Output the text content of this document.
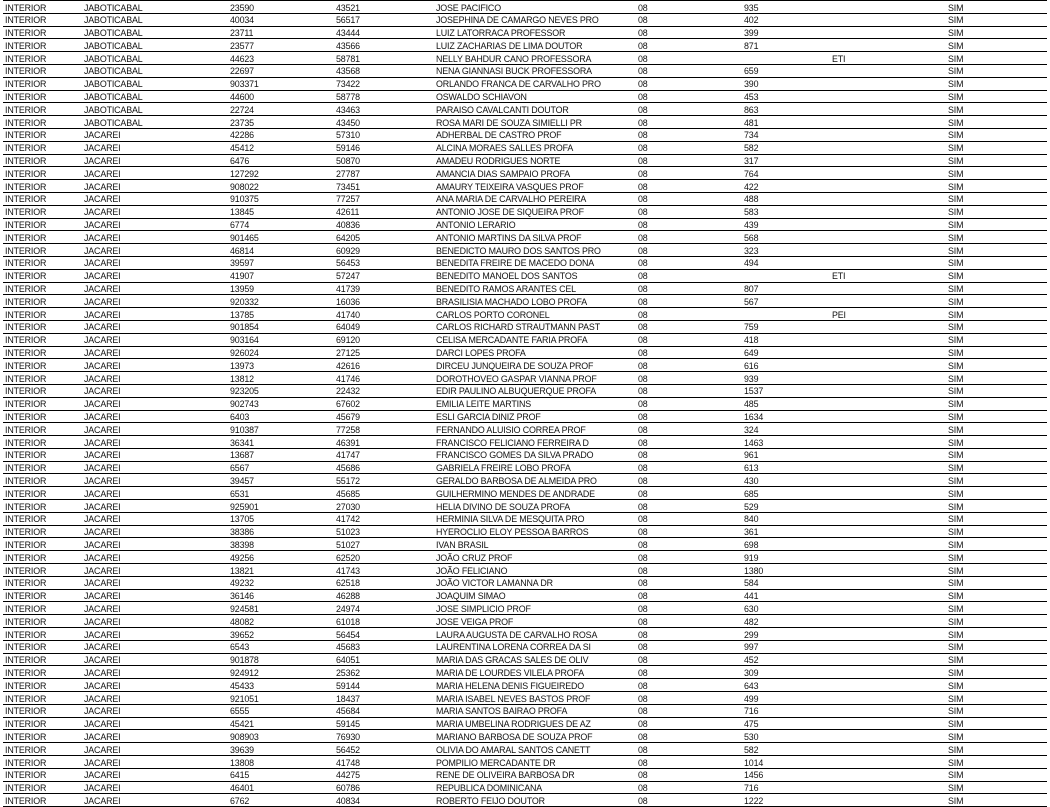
INTERIOR	JABOTICABAL	23590	43521	JOSE PACIFICO	08	935		SIM
INTERIOR	JABOTICABAL	40034	56517	JOSEPHINA DE CAMARGO NEVES PRO	08	402		SIM
INTERIOR	JABOTICABAL	23711	43444	LUIZ LATORRACA PROFESSOR	08	399		SIM
INTERIOR	JABOTICABAL	23577	43566	LUIZ ZACHARIAS DE LIMA DOUTOR	08	871		SIM
INTERIOR	JABOTICABAL	44623	58781	NELLY BAHDUR CANO PROFESSORA	08		ETI	SIM
INTERIOR	JABOTICABAL	22697	43568	NENA GIANNASI BUCK PROFESSORA	08	659		SIM
INTERIOR	JABOTICABAL	903371	73422	ORLANDO FRANCA DE CARVALHO PRO	08	390		SIM
INTERIOR	JABOTICABAL	44600	58778	OSWALDO SCHIAVON	08	453		SIM
INTERIOR	JABOTICABAL	22724	43463	PARAISO CAVALCANTI DOUTOR	08	863		SIM
INTERIOR	JABOTICABAL	23735	43450	ROSA MARI DE SOUZA SIMIELLI PR	08	481		SIM
INTERIOR	JACAREI	42286	57310	ADHERBAL DE CASTRO PROF	08	734		SIM
INTERIOR	JACAREI	45412	59146	ALCINA MORAES SALLES PROFA	08	582		SIM
INTERIOR	JACAREI	6476	50870	AMADEU RODRIGUES NORTE	08	317		SIM
INTERIOR	JACAREI	127292	27787	AMANCIA DIAS SAMPAIO PROFA	08	764		SIM
INTERIOR	JACAREI	908022	73451	AMAURY TEIXEIRA VASQUES PROF	08	422		SIM
INTERIOR	JACAREI	910375	77257	ANA MARIA DE CARVALHO PEREIRA	08	488		SIM
INTERIOR	JACAREI	13845	42611	ANTONIO JOSE DE SIQUEIRA PROF	08	583		SIM
INTERIOR	JACAREI	6774	40836	ANTONIO LERARIO	08	439		SIM
INTERIOR	JACAREI	901465	64205	ANTONIO MARTINS DA SILVA PROF	08	568		SIM
INTERIOR	JACAREI	46814	60929	BENEDICTO MAURO DOS SANTOS PRO	08	323		SIM
INTERIOR	JACAREI	39597	56453	BENEDITA FREIRE DE MACEDO DONA	08	494		SIM
INTERIOR	JACAREI	41907	57247	BENEDITO MANOEL DOS SANTOS	08		ETI	SIM
INTERIOR	JACAREI	13959	41739	BENEDITO RAMOS ARANTES CEL	08	807		SIM
INTERIOR	JACAREI	920332	16036	BRASILISIA MACHADO LOBO PROFA	08	567		SIM
INTERIOR	JACAREI	13785	41740	CARLOS PORTO CORONEL	08		PEI	SIM
INTERIOR	JACAREI	901854	64049	CARLOS RICHARD STRAUTMANN PAST	08	759		SIM
INTERIOR	JACAREI	903164	69120	CELISA MERCADANTE FARIA PROFA	08	418		SIM
INTERIOR	JACAREI	926024	27125	DARCI LOPES PROFA	08	649		SIM
INTERIOR	JACAREI	13973	42616	DIRCEU JUNQUEIRA DE SOUZA PROF	08	616		SIM
INTERIOR	JACAREI	13812	41746	DOROTHOVEO GASPAR VIANNA PROF	08	939		SIM
INTERIOR	JACAREI	923205	22432	EDIR PAULINO ALBUQUERQUE PROFA	08	1537		SIM
INTERIOR	JACAREI	902743	67602	EMILIA LEITE MARTINS	08	485		SIM
INTERIOR	JACAREI	6403	45679	ESLI GARCIA DINIZ PROF	08	1634		SIM
INTERIOR	JACAREI	910387	77258	FERNANDO ALUISIO CORREA PROF	08	324		SIM
INTERIOR	JACAREI	36341	46391	FRANCISCO FELICIANO FERREIRA D	08	1463		SIM
INTERIOR	JACAREI	13687	41747	FRANCISCO GOMES DA SILVA PRADO	08	961		SIM
INTERIOR	JACAREI	6567	45686	GABRIELA FREIRE LOBO PROFA	08	613		SIM
INTERIOR	JACAREI	39457	55172	GERALDO BARBOSA DE ALMEIDA PRO	08	430		SIM
INTERIOR	JACAREI	6531	45685	GUILHERMINO MENDES DE ANDRADE	08	685		SIM
INTERIOR	JACAREI	925901	27030	HELIA DIVINO DE SOUZA PROFA	08	529		SIM
INTERIOR	JACAREI	13705	41742	HERMINIA SILVA DE MESQUITA PRO	08	840		SIM
INTERIOR	JACAREI	38386	51023	HYEROCLIO ELOY PESSOA BARROS	08	361		SIM
INTERIOR	JACAREI	38398	51027	IVAN BRASIL	08	698		SIM
INTERIOR	JACAREI	49256	62520	JOÃO CRUZ PROF	08	919		SIM
INTERIOR	JACAREI	13821	41743	JOÃO FELICIANO	08	1380		SIM
INTERIOR	JACAREI	49232	62518	JOÃO VICTOR LAMANNA DR	08	584		SIM
INTERIOR	JACAREI	36146	46288	JOAQUIM SIMAO	08	441		SIM
INTERIOR	JACAREI	924581	24974	JOSE SIMPLICIO PROF	08	630		SIM
INTERIOR	JACAREI	48082	61018	JOSE VEIGA PROF	08	482		SIM
INTERIOR	JACAREI	39652	56454	LAURA AUGUSTA DE CARVALHO ROSA	08	299		SIM
INTERIOR	JACAREI	6543	45683	LAURENTINA LORENA CORREA DA SI	08	997		SIM
INTERIOR	JACAREI	901878	64051	MARIA DAS GRACAS SALES DE OLIV	08	452		SIM
INTERIOR	JACAREI	924912	25362	MARIA DE LOURDES VILELA PROFA	08	309		SIM
INTERIOR	JACAREI	45433	59144	MARIA HELENA DENIS FIGUEIREDO	08	643		SIM
INTERIOR	JACAREI	921051	18437	MARIA ISABEL NEVES BASTOS PROF	08	499		SIM
INTERIOR	JACAREI	6555	45684	MARIA SANTOS BAIRAO PROFA	08	716		SIM
INTERIOR	JACAREI	45421	59145	MARIA UMBELINA RODRIGUES DE AZ	08	475		SIM
INTERIOR	JACAREI	908903	76930	MARIANO BARBOSA DE SOUZA PROF	08	530		SIM
INTERIOR	JACAREI	39639	56452	OLIVIA DO AMARAL SANTOS CANETT	08	582		SIM
INTERIOR	JACAREI	13808	41748	POMPILIO MERCADANTE DR	08	1014		SIM
INTERIOR	JACAREI	6415	44275	RENE DE OLIVEIRA BARBOSA DR	08	1456		SIM
INTERIOR	JACAREI	46401	60786	REPUBLICA DOMINICANA	08	716		SIM
INTERIOR	JACAREI	6762	40834	ROBERTO FEIJO DOUTOR	08	1222		SIM
